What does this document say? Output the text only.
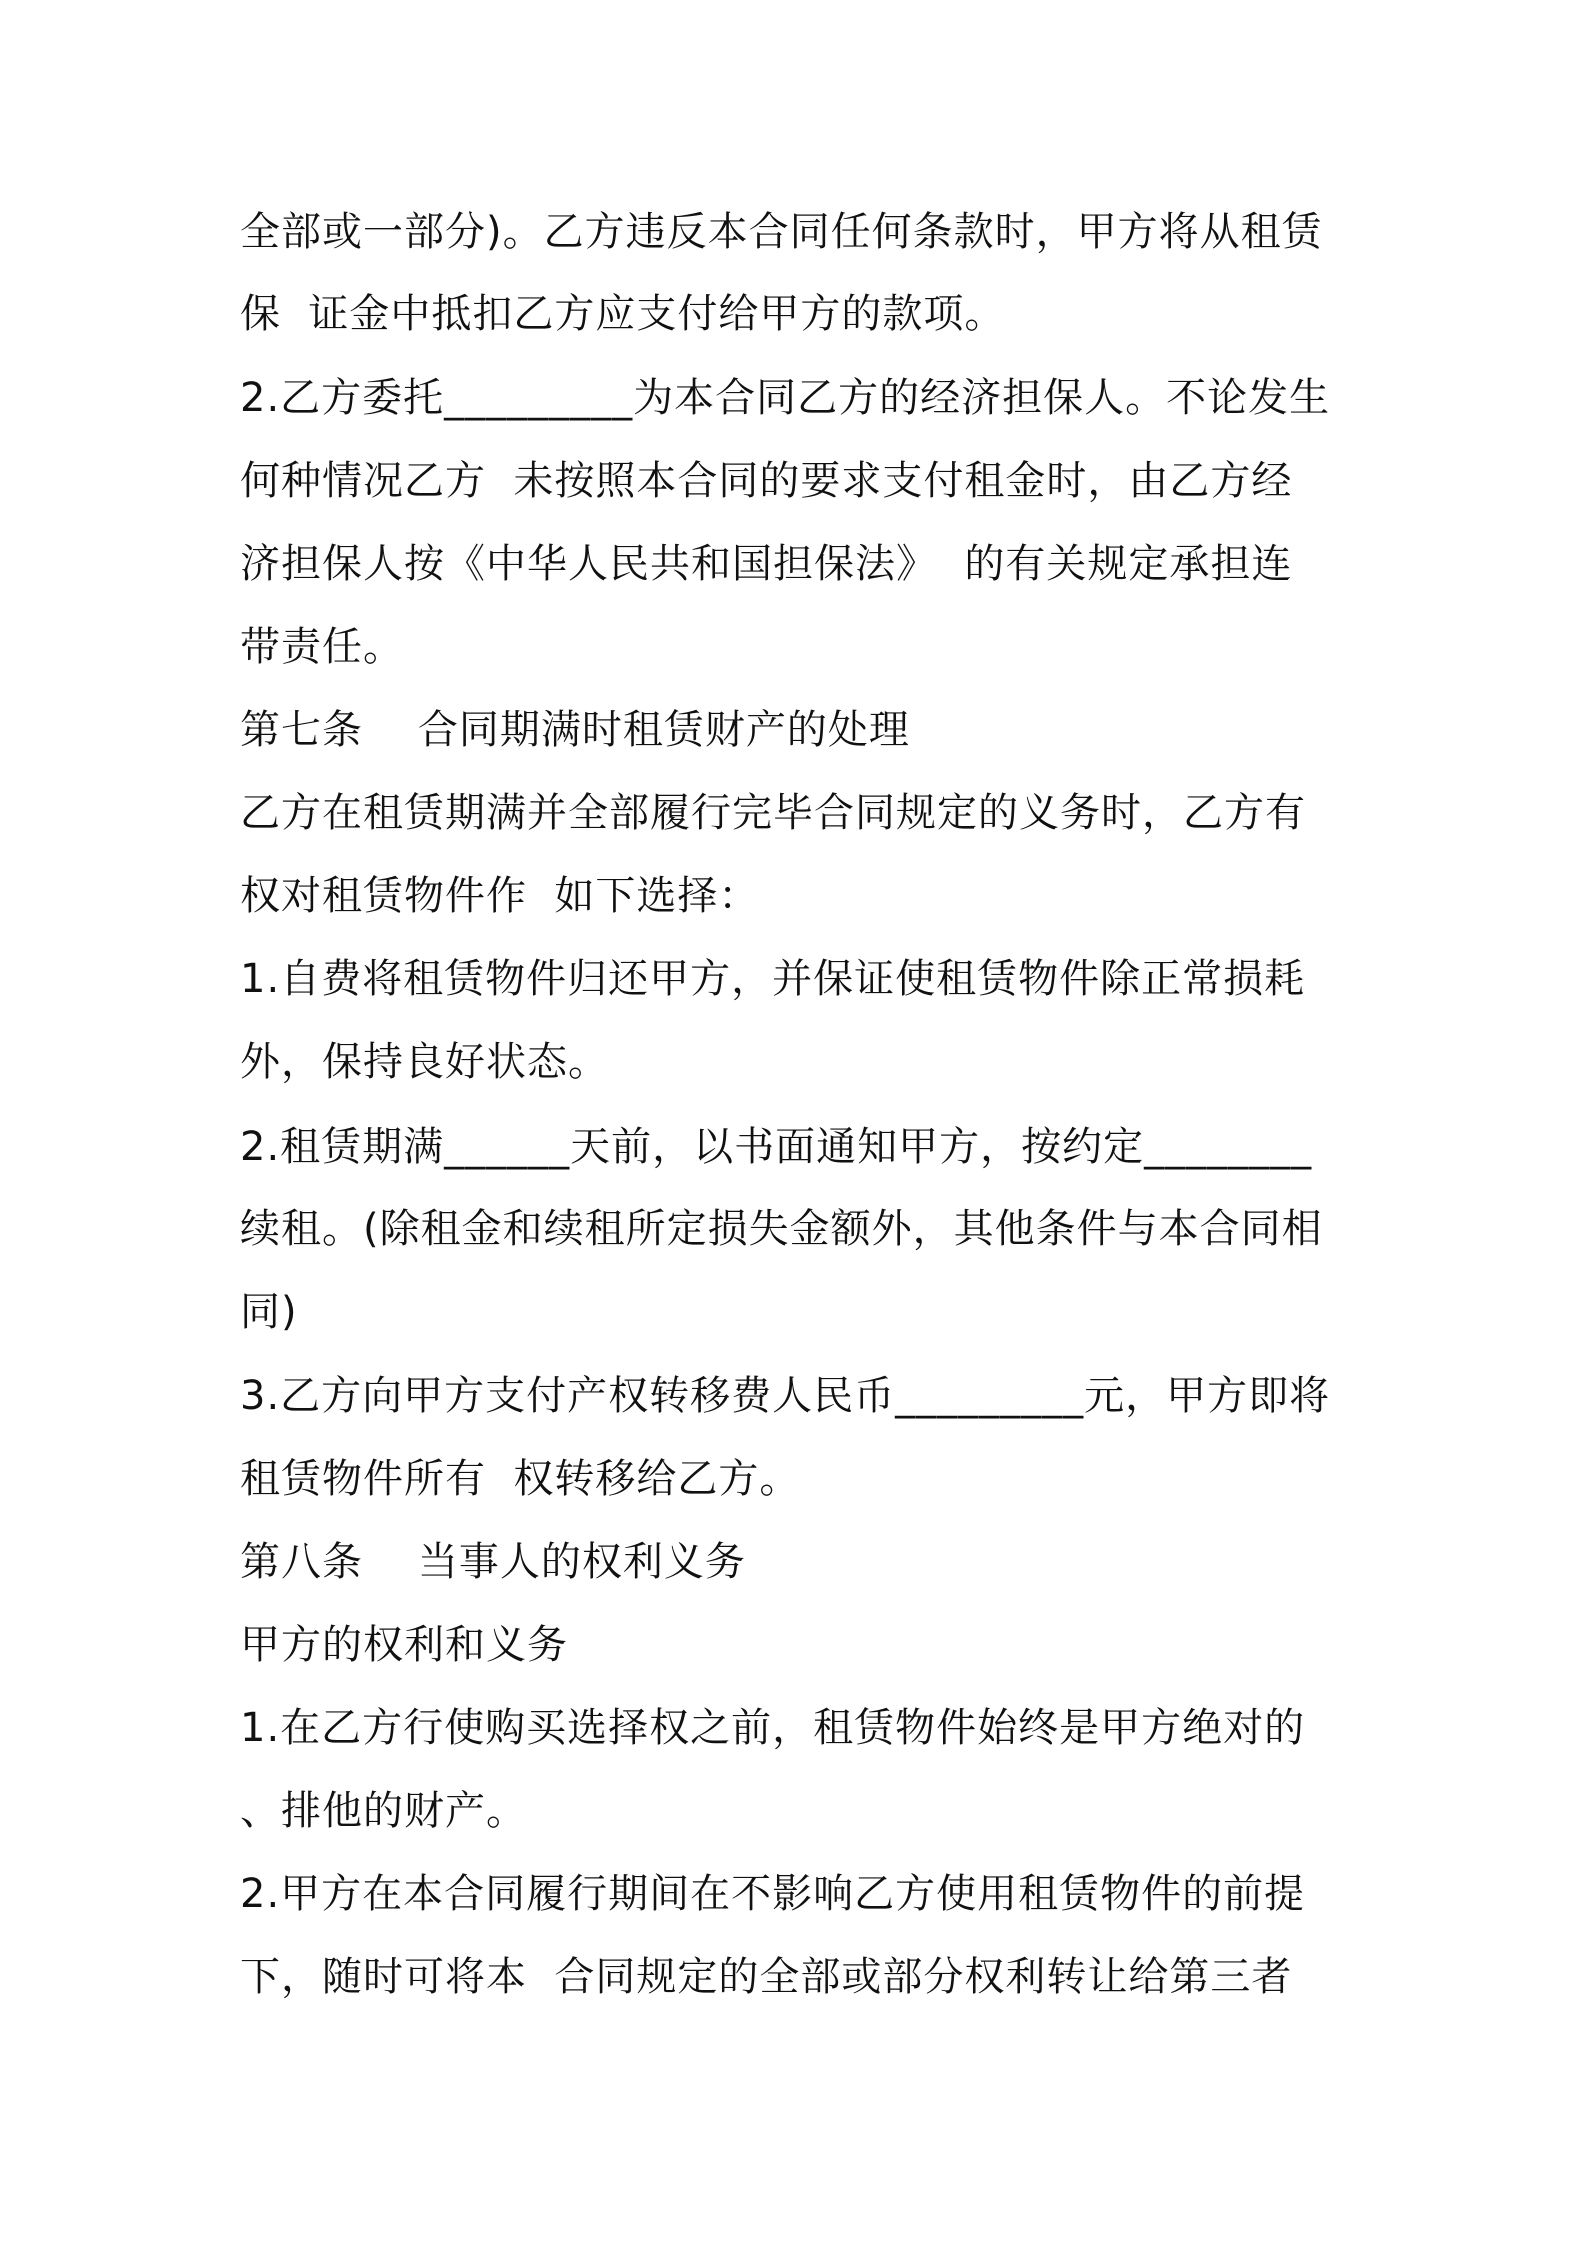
全部或一部分)。乙方违反本合同任何条款时，甲方将从租赁
保  证金中抵扣乙方应支付给甲方的款项。
2.乙方委托_________为本合同乙方的经济担保人。不论发生
何种情况乙方  未按照本合同的要求支付租金时，由乙方经
济担保人按《中华人民共和国担保法》  的有关规定承担连
带责任。
第七条    合同期满时租赁财产的处理
乙方在租赁期满并全部履行完毕合同规定的义务时，乙方有
权对租赁物件作  如下选择：
1.自费将租赁物件归还甲方，并保证使租赁物件除正常损耗
外，保持良好状态。
2.租赁期满______天前，以书面通知甲方，按约定________
续租。(除租金和续租所定损失金额外，其他条件与本合同相
同)
3.乙方向甲方支付产权转移费人民币_________元，甲方即将
租赁物件所有  权转移给乙方。
第八条    当事人的权利义务
甲方的权利和义务
1.在乙方行使购买选择权之前，租赁物件始终是甲方绝对的
、排他的财产。
2.甲方在本合同履行期间在不影响乙方使用租赁物件的前提
下，随时可将本  合同规定的全部或部分权利转让给第三者
